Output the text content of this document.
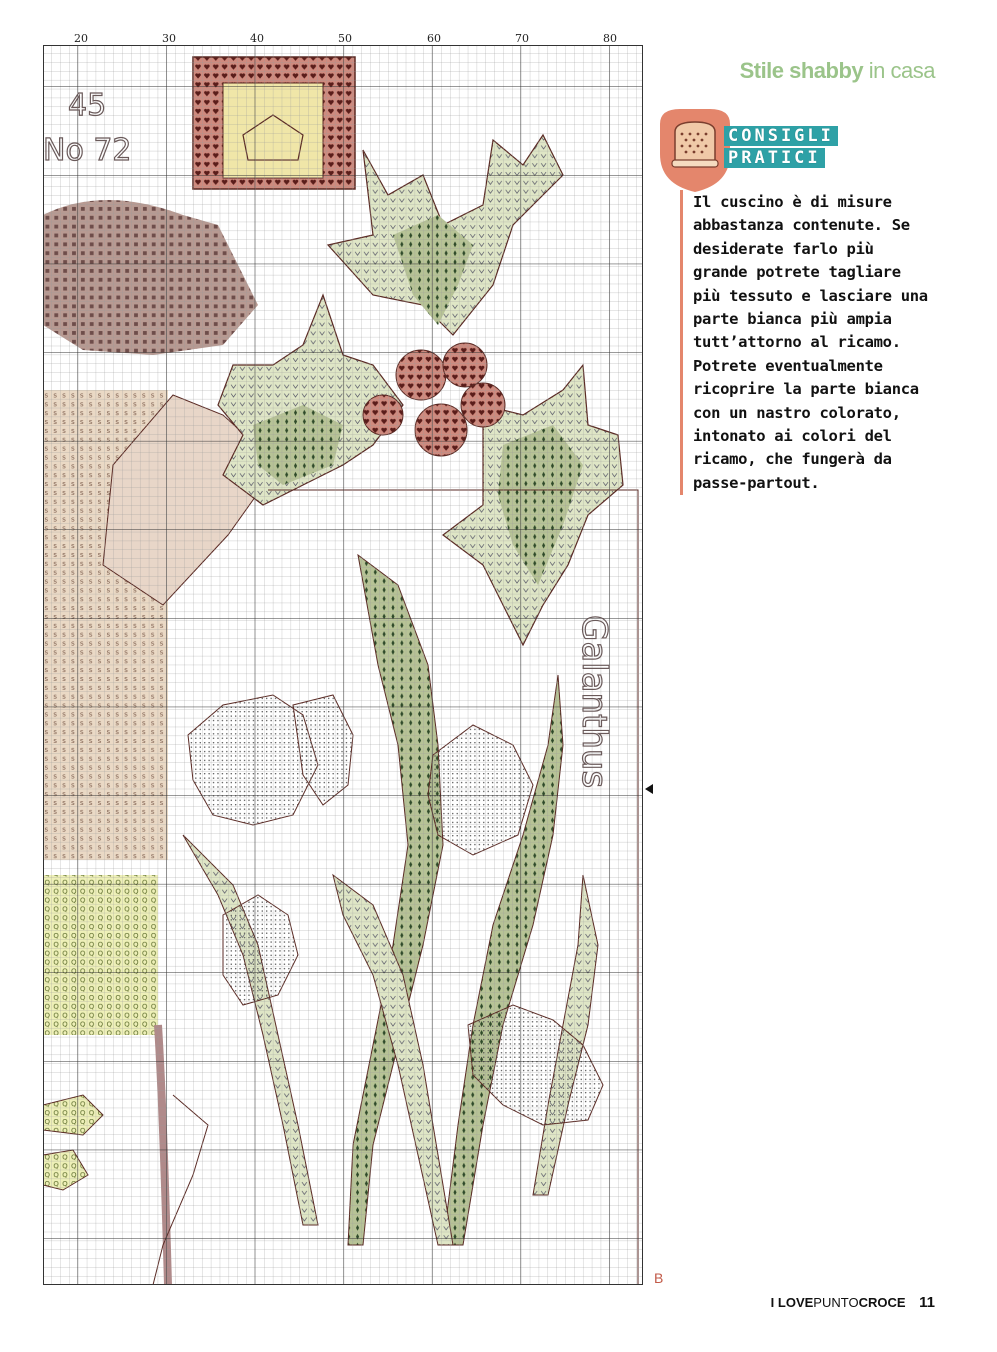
20	30	40	50	60	70	80
45
No 72
Galanthus
B
Stile shabby in casa
CONSIGLI
PRATICI
Il cuscino è di misure abbastanza contenute. Se desiderate farlo più grande potrete tagliare più tessuto e lasciare una parte bianca più ampia tutt’attorno al ricamo. Potrete eventualmente ricoprire la parte bianca con un nastro colorato, intonato ai colori del ricamo, che fungerà da passe-partout.
I LOVEPUNTOCROCE 11
